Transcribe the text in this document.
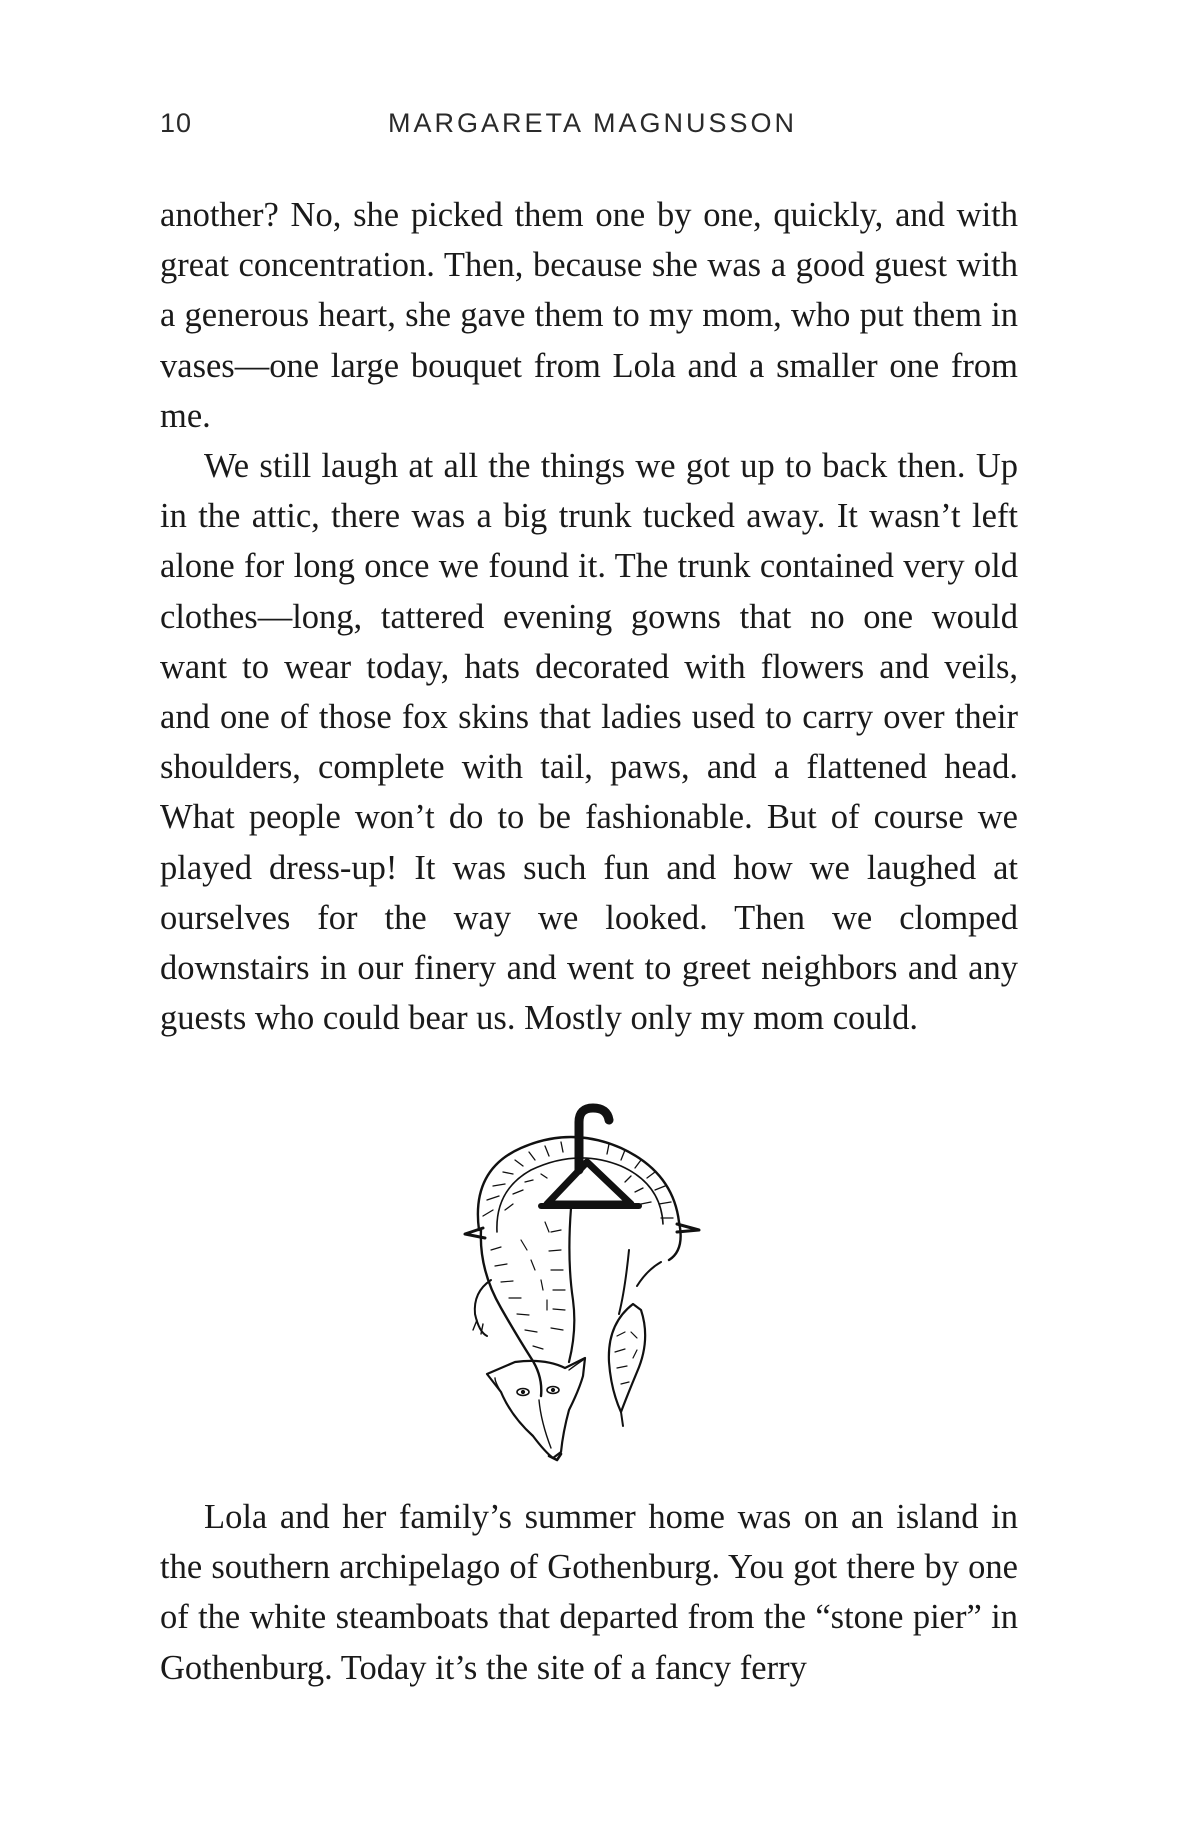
10	MARGARETA MAGNUSSON

another? No, she picked them one by one, quickly, and with great concentration. Then, because she was a good guest with a generous heart, she gave them to my mom, who put them in vases—one large bouquet from Lola and a smaller one from me.

We still laugh at all the things we got up to back then. Up in the attic, there was a big trunk tucked away. It wasn’t left alone for long once we found it. The trunk contained very old clothes—long, tattered evening gowns that no one would want to wear today, hats decorated with flowers and veils, and one of those fox skins that ladies used to carry over their shoulders, complete with tail, paws, and a flattened head. What people won’t do to be fashionable. But of course we played dress-up! It was such fun and how we laughed at ourselves for the way we looked. Then we clomped downstairs in our finery and went to greet neighbors and any guests who could bear us. Mostly only my mom could.

Lola and her family’s summer home was on an island in the southern archipelago of Gothenburg. You got there by one of the white steamboats that departed from the “stone pier” in Gothenburg. Today it’s the site of a fancy ferry
